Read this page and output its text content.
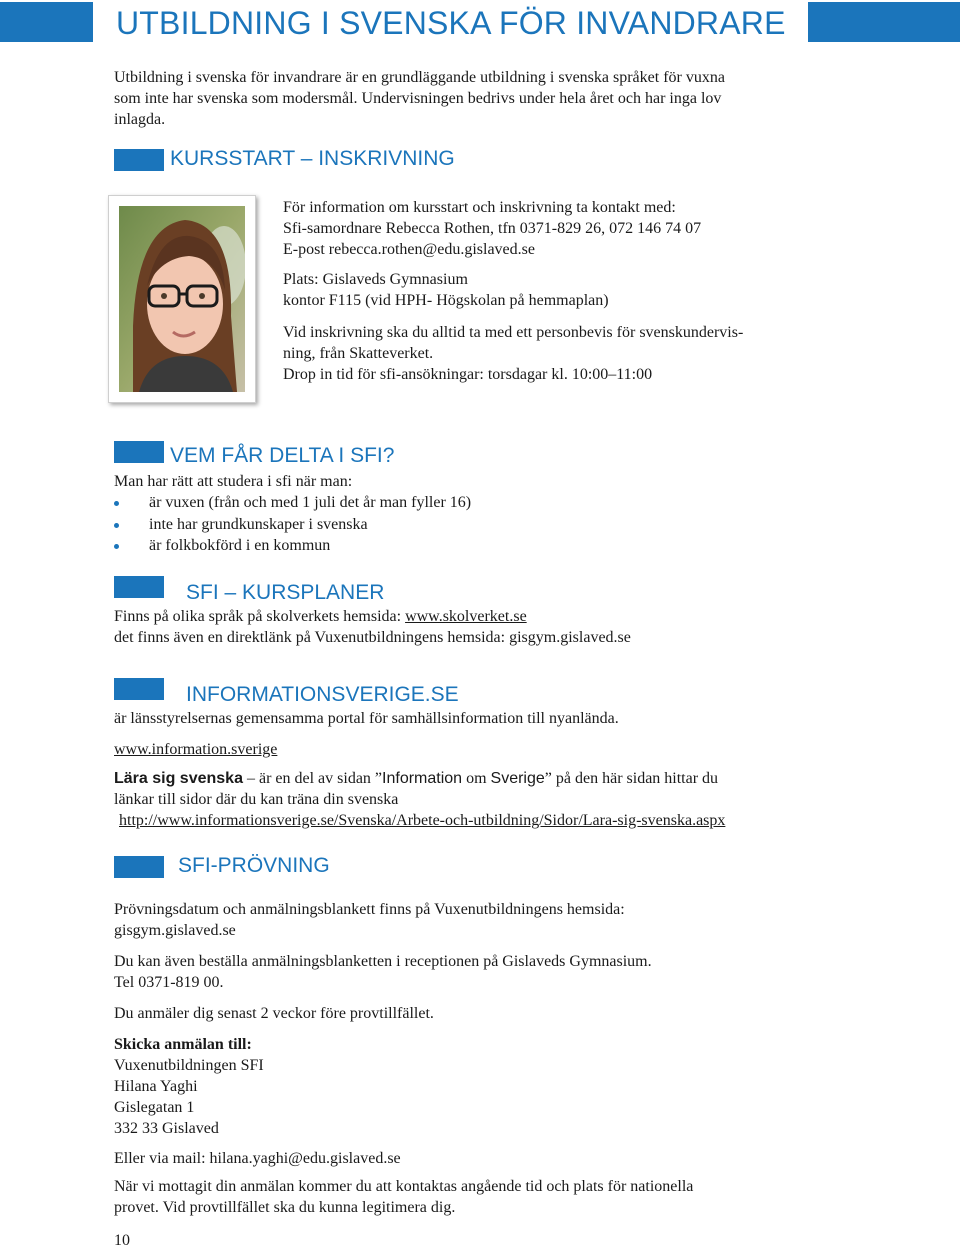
UTBILDNING I SVENSKA FÖR INVANDRARE
Utbildning i svenska för invandrare är en grundläggande utbildning i svenska språket för vuxna
som inte har svenska som modersmål. Undervisningen bedrivs under hela året och har inga lov
inlagda.
KURSSTART – INSKRIVNING
För information om kursstart och inskrivning ta kontakt med:
Sfi-samordnare Rebecca Rothen, tfn 0371-829 26, 072 146 74 07
E-post rebecca.rothen@edu.gislaved.se
Plats: Gislaveds Gymnasium
kontor F115 (vid HPH- Högskolan på hemmaplan)
Vid inskrivning ska du alltid ta med ett personbevis för svenskundervis-
ning, från Skatteverket.
Drop in tid för sfi-ansökningar: torsdagar kl. 10:00–11:00
VEM FÅR DELTA I SFI?
Man har rätt att studera i sfi när man:
är vuxen (från och med 1 juli det år man fyller 16)
inte har grundkunskaper i svenska
är folkbokförd i en kommun
SFI – KURSPLANER
Finns på olika språk på skolverkets hemsida: www.skolverket.se
det finns även en direktlänk på Vuxenutbildningens hemsida: gisgym.gislaved.se
INFORMATIONSVERIGE.SE
är länsstyrelsernas gemensamma portal för samhällsinformation till nyanlända.
www.information.sverige
Lära sig svenska – är en del av sidan ”Information om Sverige” på den här sidan hittar du
länkar till sidor där du kan träna din svenska
http://www.informationsverige.se/Svenska/Arbete-och-utbildning/Sidor/Lara-sig-svenska.aspx
SFI-PRÖVNING
Prövningsdatum och anmälningsblankett finns på Vuxenutbildningens hemsida:
gisgym.gislaved.se
Du kan även beställa anmälningsblanketten i receptionen på Gislaveds Gymnasium.
Tel 0371-819 00.
Du anmäler dig senast 2 veckor före provtillfället.
Skicka anmälan till:
Vuxenutbildningen SFI
Hilana Yaghi
Gislegatan 1
332 33 Gislaved
Eller via mail: hilana.yaghi@edu.gislaved.se
När vi mottagit din anmälan kommer du att kontaktas angående tid och plats för nationella
provet. Vid provtillfället ska du kunna legitimera dig.
10
